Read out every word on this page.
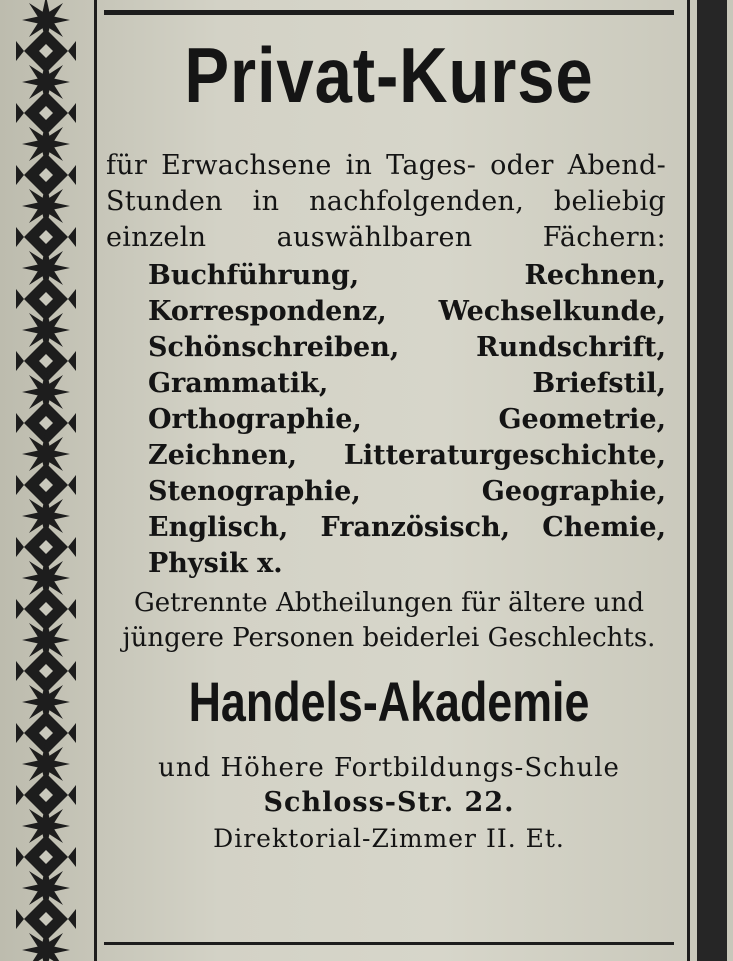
Privat-Kurse
für Erwachsene in Tages- oder Abend-Stunden in nachfolgenden, beliebig einzeln auswählbaren Fächern:
Buchführung, Rechnen, Korrespondenz, Wechselkunde, Schönschreiben, Rundschrift, Grammatik, Briefstil, Orthographie, Geometrie, Zeichnen, Litteraturgeschichte, Stenographie, Geographie, Englisch, Französisch, Chemie, Physik x.
Getrennte Abtheilungen für ältere und jüngere Personen beiderlei Geschlechts.
Handels-Akademie
und Höhere Fortbildungs-Schule
Schloss-Str. 22.
Direktorial-Zimmer II. Et.
